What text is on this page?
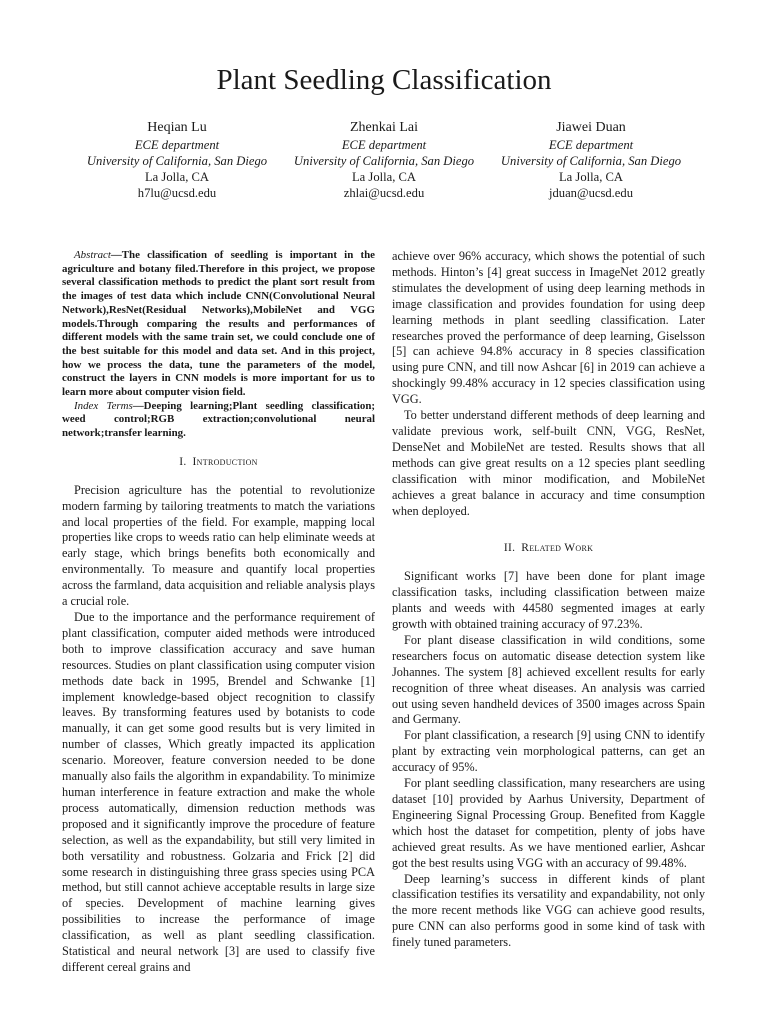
Plant Seedling Classification
Heqian Lu
ECE department
University of California, San Diego
La Jolla, CA
h7lu@ucsd.edu
Zhenkai Lai
ECE department
University of California, San Diego
La Jolla, CA
zhlai@ucsd.edu
Jiawei Duan
ECE department
University of California, San Diego
La Jolla, CA
jduan@ucsd.edu

Abstract—The classification of seedling is important in the agriculture and botany filed.Therefore in this project, we propose several classification methods to predict the plant sort result from the images of test data which include CNN(Convolutional Neural Network),ResNet(Residual Networks),MobileNet and VGG models.Through comparing the results and performances of different models with the same train set, we could conclude one of the best suitable for this model and data set. And in this project, how we process the data, tune the parameters of the model, construct the layers in CNN models is more important for us to learn more about computer vision field.

Index Terms—Deeping learning;Plant seedling classification; weed control;RGB extraction;convolutional neural network;transfer learning.

I. Introduction

Precision agriculture has the potential to revolutionize modern farming by tailoring treatments to match the variations and local properties of the field. For example, mapping local properties like crops to weeds ratio can help eliminate weeds at early stage, which brings benefits both economically and environmentally. To measure and quantify local properties across the farmland, data acquisition and reliable analysis plays a crucial role.

Due to the importance and the performance requirement of plant classification, computer aided methods were introduced both to improve classification accuracy and save human resources. Studies on plant classification using computer vision methods date back in 1995, Brendel and Schwanke [1] implement knowledge-based object recognition to classify leaves. By transforming features used by botanists to code manually, it can get some good results but is very limited in number of classes, Which greatly impacted its application scenario. Moreover, feature conversion needed to be done manually also fails the algorithm in expandability. To minimize human interference in feature extraction and make the whole process automatically, dimension reduction methods was proposed and it significantly improve the procedure of feature selection, as well as the expandability, but still very limited in both versatility and robustness. Golzaria and Frick [2] did some research in distinguishing three grass species using PCA method, but still cannot achieve acceptable results in large size of species. Development of machine learning gives possibilities to increase the performance of image classification, as well as plant seedling classification. Statistical and neural network [3] are used to classify five different cereal grains and

achieve over 96% accuracy, which shows the potential of such methods. Hinton’s [4] great success in ImageNet 2012 greatly stimulates the development of using deep learning methods in image classification and provides foundation for using deep learning methods in plant seedling classification. Later researches proved the performance of deep learning, Giselsson [5] can achieve 94.8% accuracy in 8 species classification using pure CNN, and till now Ashcar [6] in 2019 can achieve a shockingly 99.48% accuracy in 12 species classification using VGG.

To better understand different methods of deep learning and validate previous work, self-built CNN, VGG, ResNet, DenseNet and MobileNet are tested. Results shows that all methods can give great results on a 12 species plant seedling classification with minor modification, and MobileNet achieves a great balance in accuracy and time consumption when deployed.

II. Related Work

Significant works [7] have been done for plant image classification tasks, including classification between maize plants and weeds with 44580 segmented images at early growth with obtained training accuracy of 97.23%.

For plant disease classification in wild conditions, some researchers focus on automatic disease detection system like Johannes. The system [8] achieved excellent results for early recognition of three wheat diseases. An analysis was carried out using seven handheld devices of 3500 images across Spain and Germany.

For plant classification, a research [9] using CNN to identify plant by extracting vein morphological patterns, can get an accuracy of 95%.

For plant seedling classification, many researchers are using dataset [10] provided by Aarhus University, Department of Engineering Signal Processing Group. Benefited from Kaggle which host the dataset for competition, plenty of jobs have achieved great results. As we have mentioned earlier, Ashcar got the best results using VGG with an accuracy of 99.48%.

Deep learning’s success in different kinds of plant classification testifies its versatility and expandability, not only the more recent methods like VGG can achieve good results, pure CNN can also performs good in some kind of task with finely tuned parameters.
